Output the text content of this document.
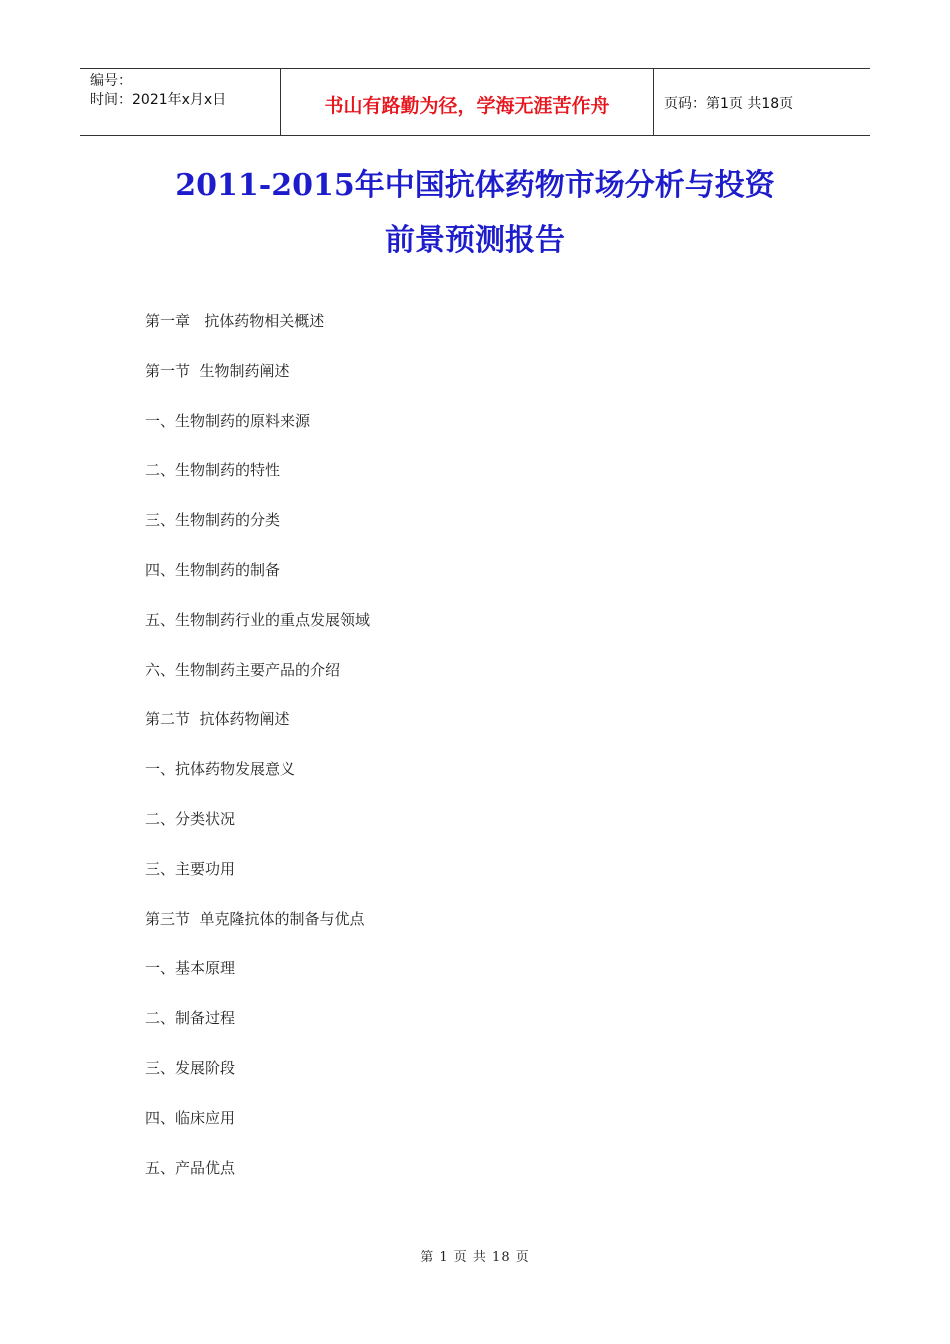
编号：
时间：2021年x月x日	书山有路勤为径，学海无涯苦作舟	页码：第1页 共18页
2011-2015年中国抗体药物市场分析与投资
前景预测报告
第一章   抗体药物相关概述
第一节  生物制药阐述
一、生物制药的原料来源
二、生物制药的特性
三、生物制药的分类
四、生物制药的制备
五、生物制药行业的重点发展领域
六、生物制药主要产品的介绍
第二节  抗体药物阐述
一、抗体药物发展意义
二、分类状况
三、主要功用
第三节  单克隆抗体的制备与优点
一、基本原理
二、制备过程
三、发展阶段
四、临床应用
五、产品优点
第 1 页 共 18 页
